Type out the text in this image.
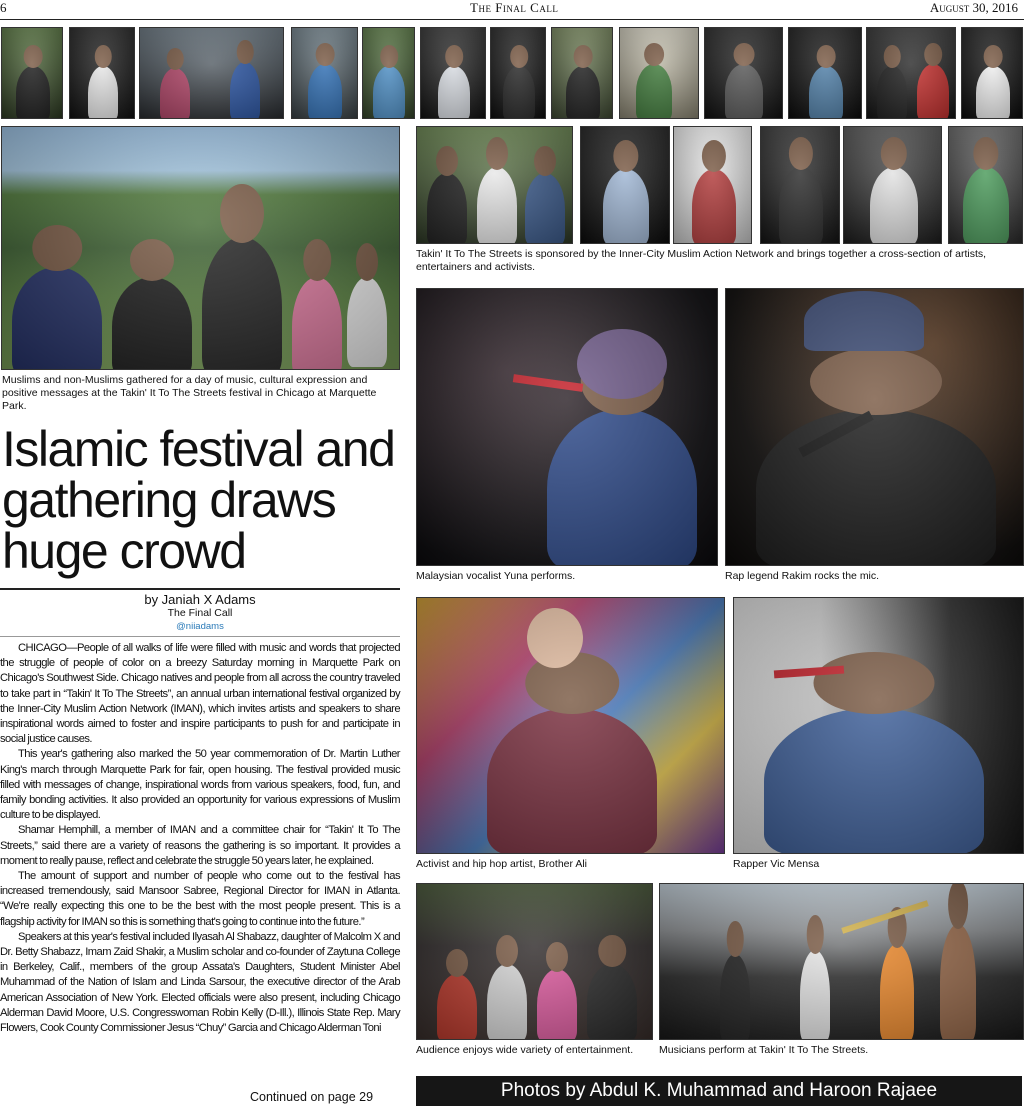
6	The Final Call	August 30, 2016
Muslims and non-Muslims gathered for a day of music, cultural expression and positive messages at the Takin' It To The Streets festival in Chicago at Marquette Park.
Takin' It To The Streets is sponsored by the Inner-City Muslim Action Network and brings together a cross-section of artists, entertainers and activists.
Malaysian vocalist Yuna performs.	Rap legend Rakim rocks the mic.
Islamic festival and gathering draws huge crowd
by Janiah X Adams
The Final Call
@niiadams

CHICAGO—People of all walks of life were filled with music and words that projected the struggle of people of color on a breezy Saturday morning in Marquette Park on Chicago's Southwest Side. Chicago natives and people from all across the country traveled to take part in “Takin' It To The Streets”, an annual urban international festival organized by the Inner-City Muslim Action Network (IMAN), which invites artists and speakers to share inspirational words aimed to foster and inspire participants to push for and participate in social justice causes.

This year's gathering also marked the 50 year commemoration of Dr. Martin Luther King's march through Marquette Park for fair, open housing. The festival provided music filled with messages of change, inspirational words from various speakers, food, fun, and family bonding activities. It also provided an opportunity for various expressions of Muslim culture to be displayed.

Shamar Hemphill, a member of IMAN and a committee chair for “Takin' It To The Streets,” said there are a variety of reasons the gathering is so important. It provides a moment to really pause, reflect and celebrate the struggle 50 years later, he explained.

The amount of support and number of people who come out to the festival has increased tremendously, said Mansoor Sabree, Regional Director for IMAN in Atlanta. “We're really expecting this one to be the best with the most people present. This is a flagship activity for IMAN so this is something that's going to continue into the future.”

Speakers at this year's festival included Ilyasah Al Shabazz, daughter of Malcolm X and Dr. Betty Shabazz, Imam Zaid Shakir, a Muslim scholar and co-founder of Zaytuna College in Berkeley, Calif., members of the group Assata's Daughters, Student Minister Abel Muhammad of the Nation of Islam and Linda Sarsour, the executive director of the Arab American Association of New York. Elected officials were also present, including Chicago Alderman David Moore, U.S. Congresswoman Robin Kelly (D-Ill.), Illinois State Rep. Mary Flowers, Cook County Commissioner Jesus “Chuy” Garcia and Chicago Alderman Toni

Continued on page 29
Activist and hip hop artist, Brother Ali	Rapper Vic Mensa
Audience enjoys wide variety of entertainment.	Musicians perform at Takin' It To The Streets.
Photos by Abdul K. Muhammad and Haroon Rajaee
